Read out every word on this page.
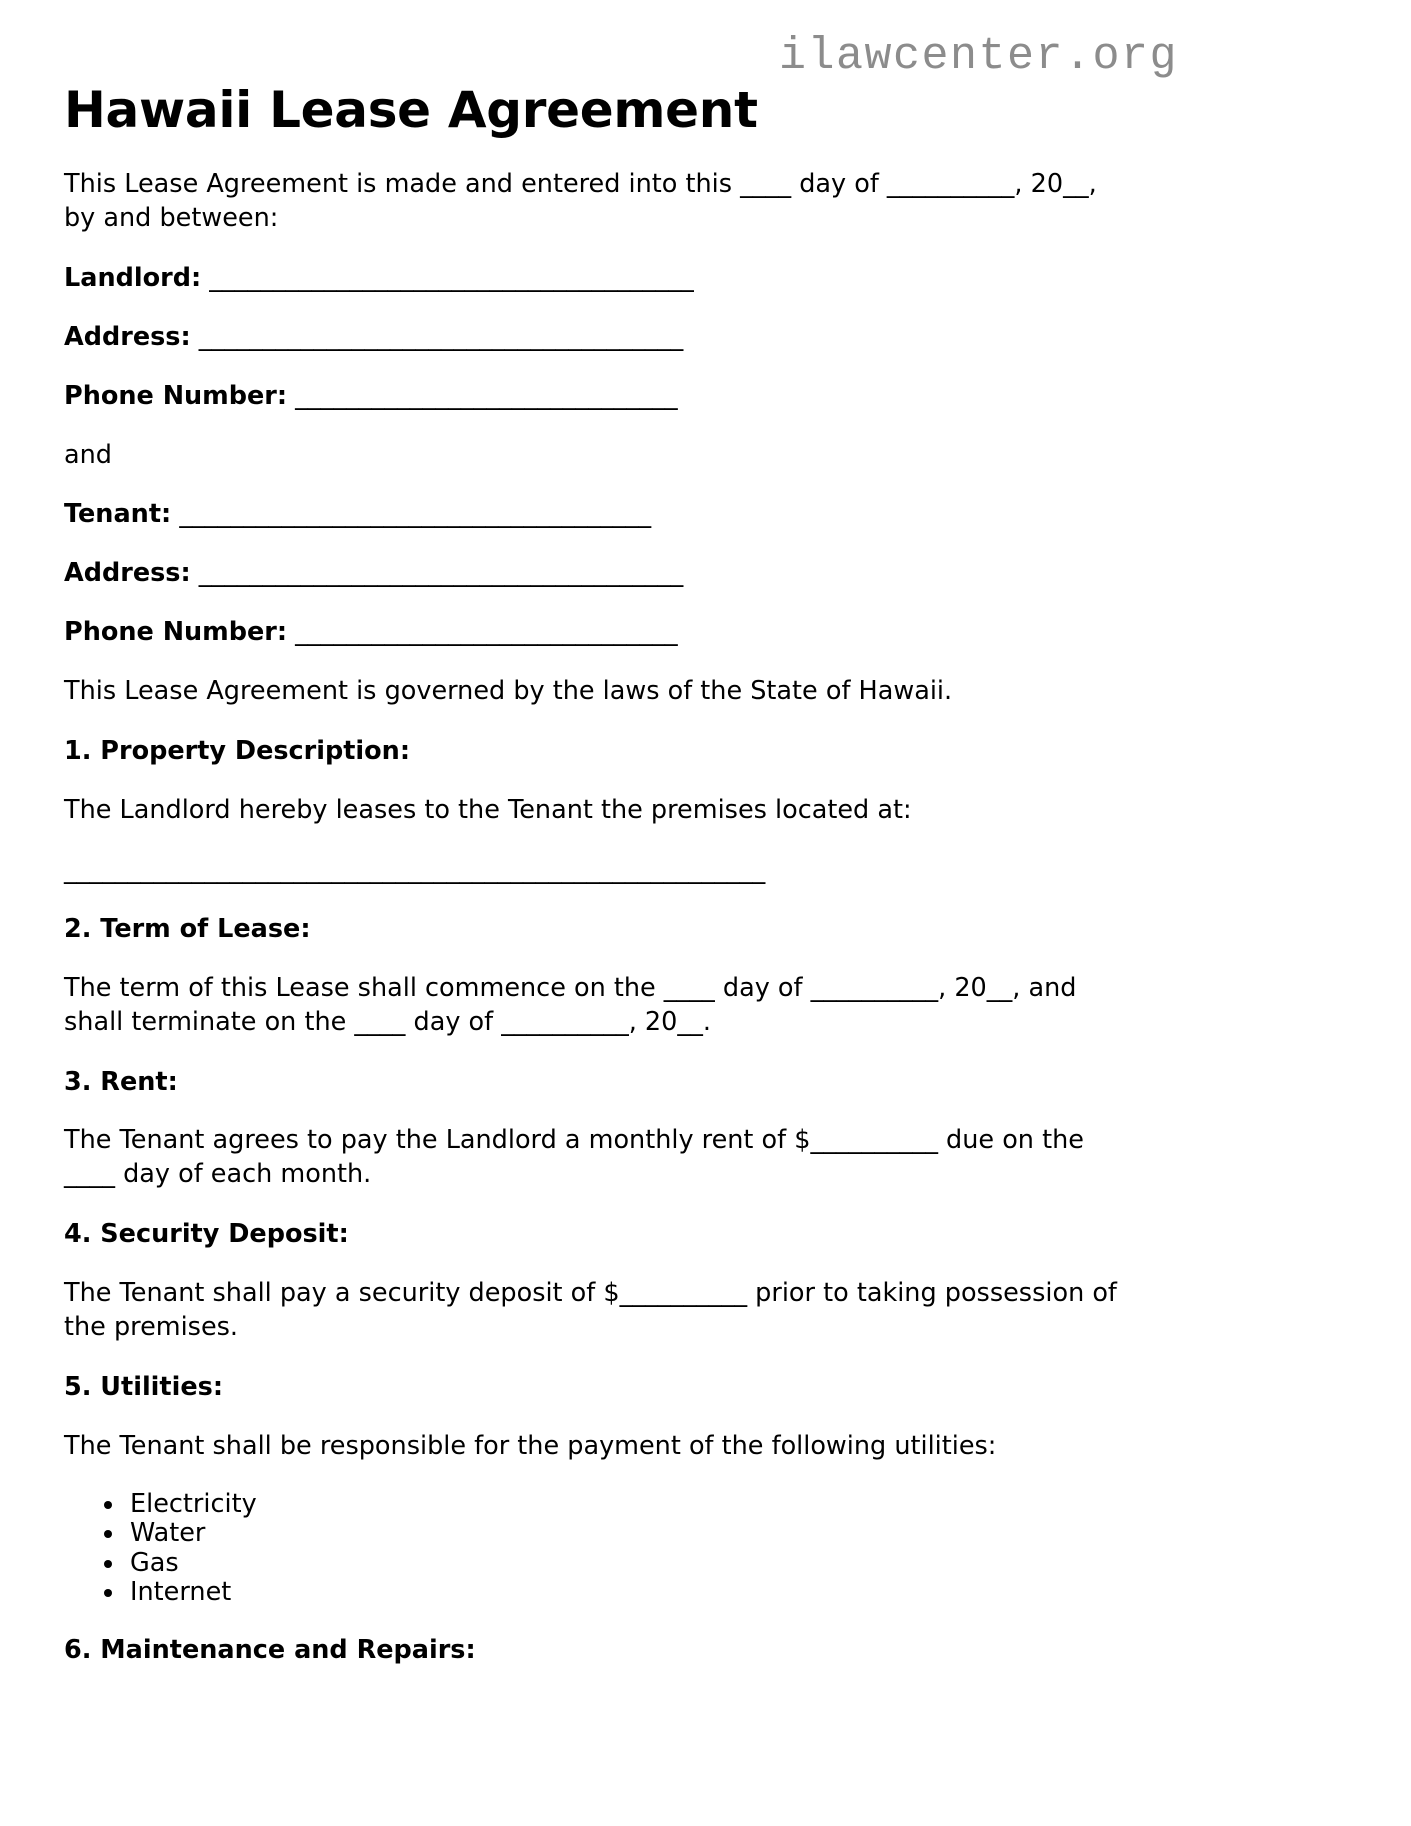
ilawcenter.org
Hawaii Lease Agreement

This Lease Agreement is made and entered into this ____ day of __________, 20__, by and between:

Landlord: ______________________________________

Address: ______________________________________

Phone Number: ______________________________

and

Tenant: _____________________________________

Address: ______________________________________

Phone Number: ______________________________

This Lease Agreement is governed by the laws of the State of Hawaii.

1. Property Description:

The Landlord hereby leases to the Tenant the premises located at:

_______________________________________________________

2. Term of Lease:

The term of this Lease shall commence on the ____ day of __________, 20__, and shall terminate on the ____ day of __________, 20__.

3. Rent:

The Tenant agrees to pay the Landlord a monthly rent of $__________ due on the ____ day of each month.

4. Security Deposit:

The Tenant shall pay a security deposit of $__________ prior to taking possession of the premises.

5. Utilities:

The Tenant shall be responsible for the payment of the following utilities:

• Electricity
• Water
• Gas
• Internet

6. Maintenance and Repairs:
